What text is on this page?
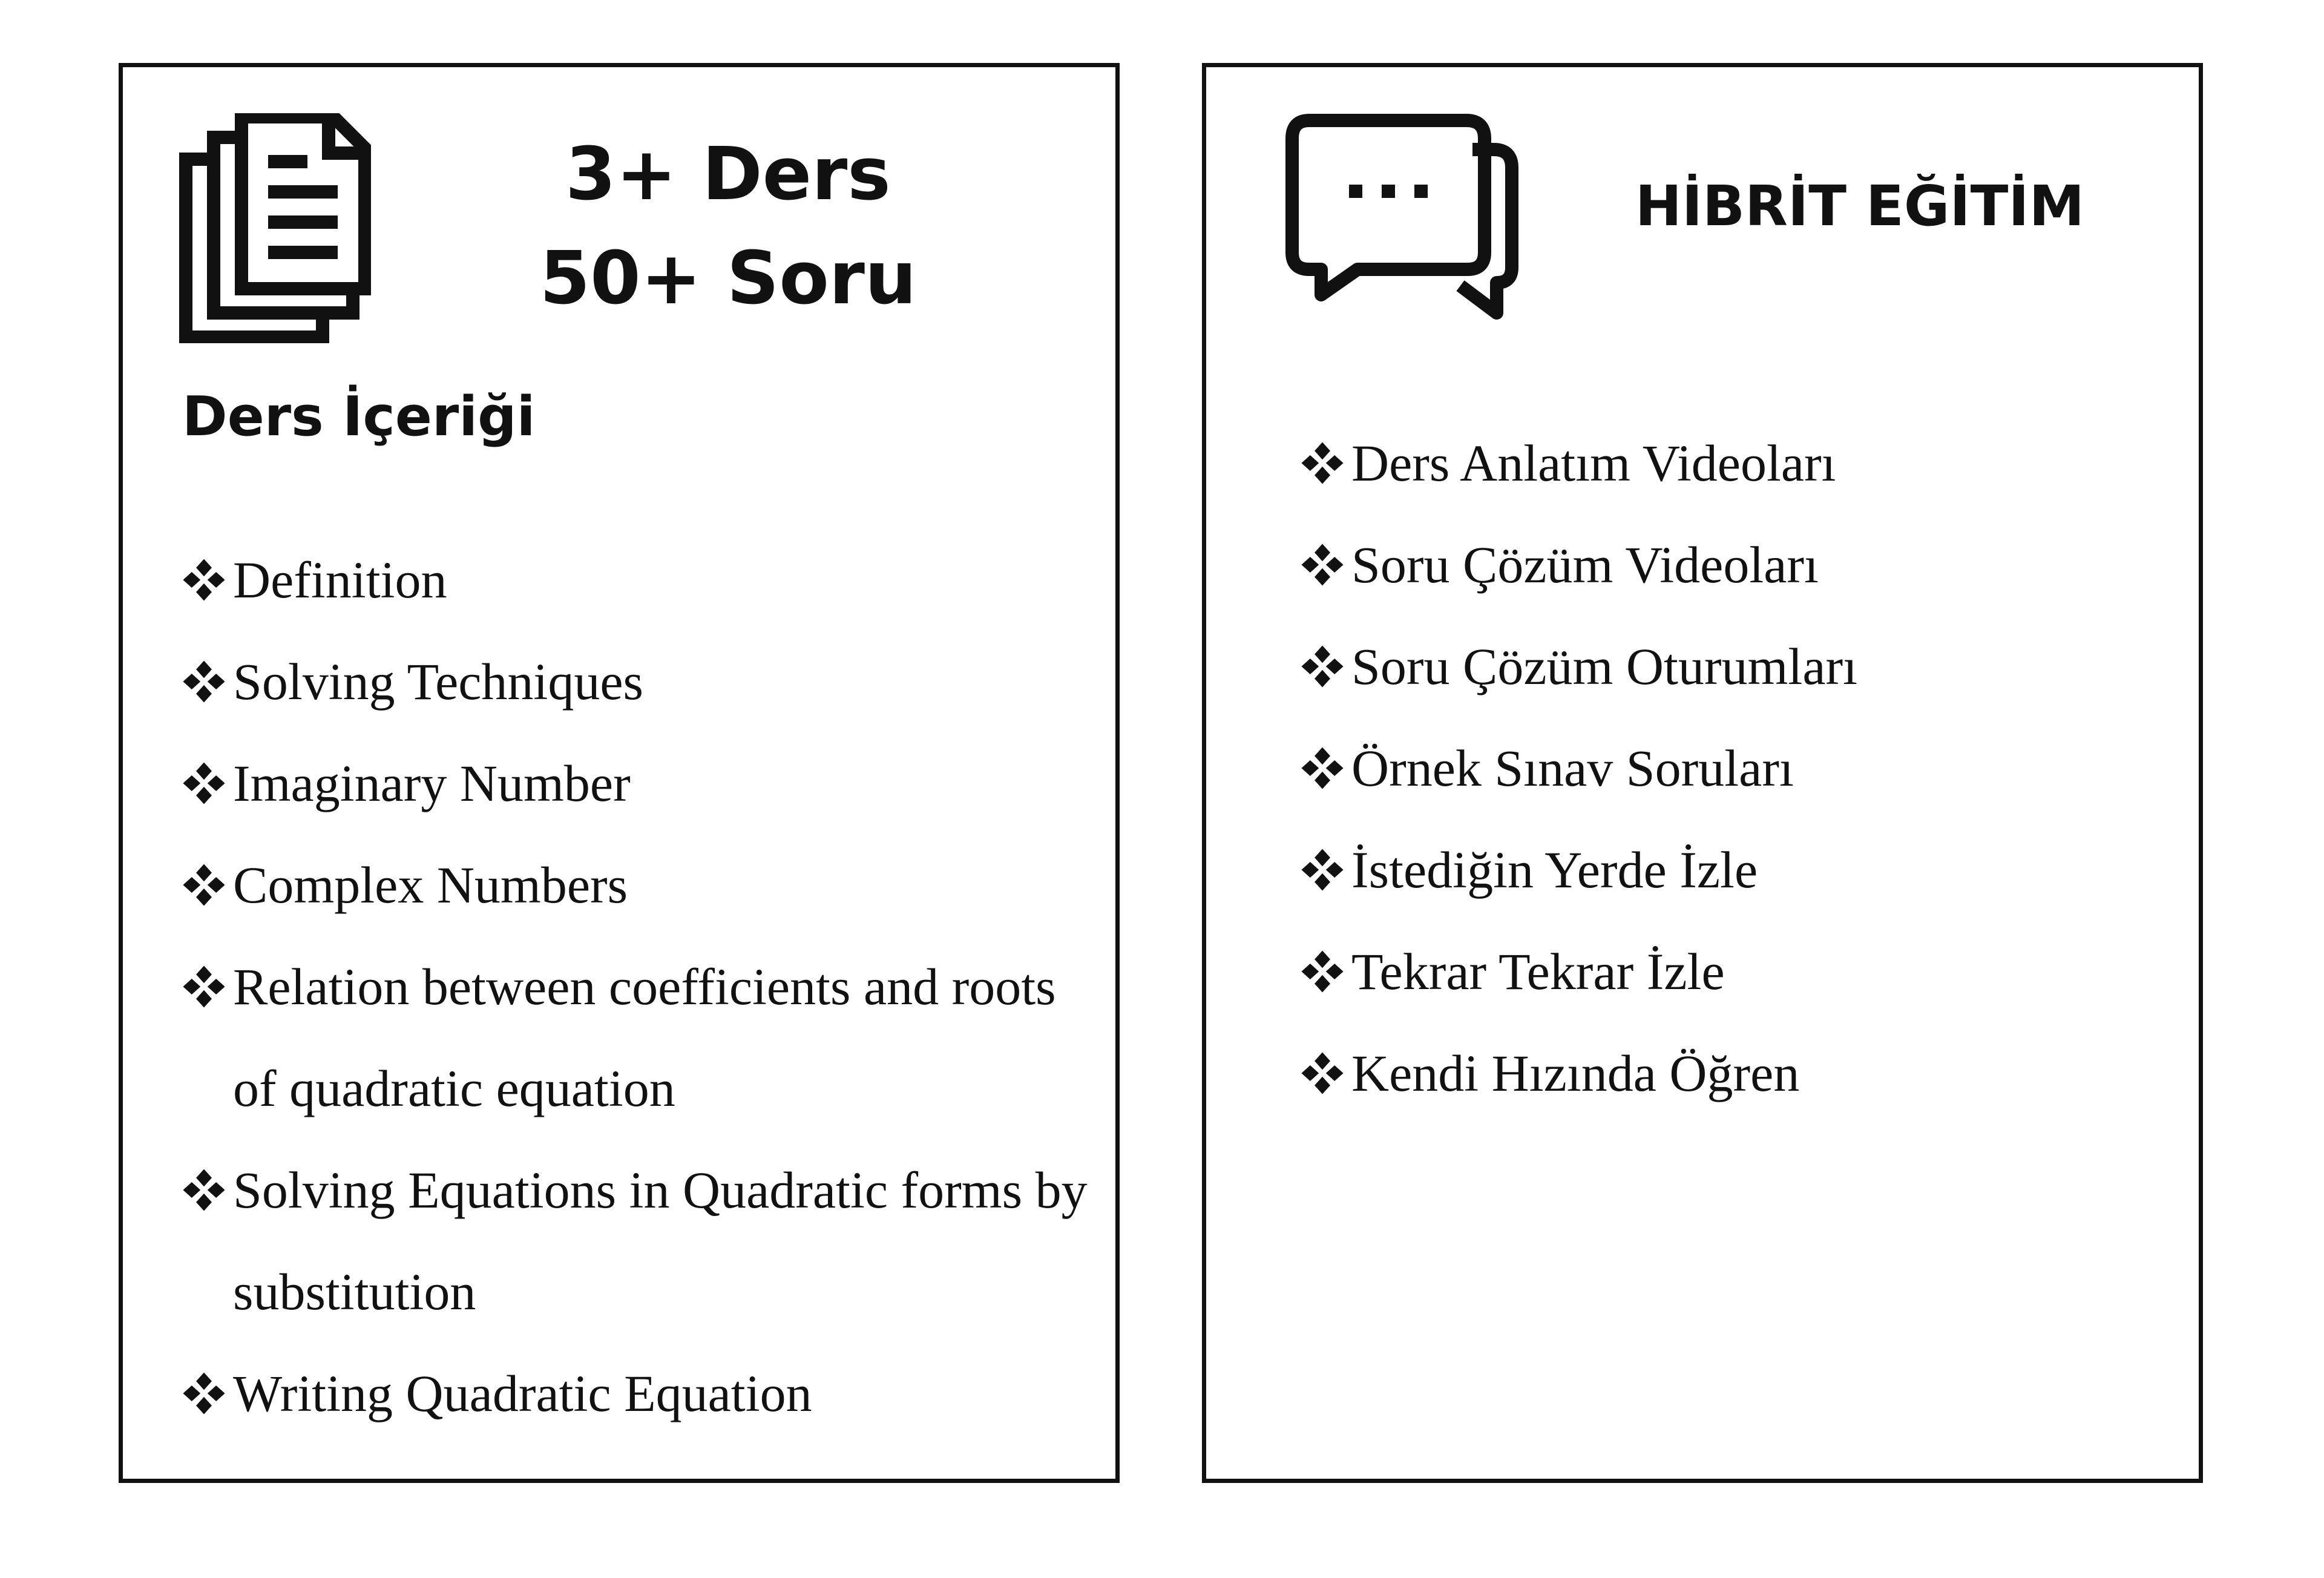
3+ Ders
50+ Soru
Ders İçeriği
Definition
Solving Techniques
Imaginary Number
Complex Numbers
Relation between coefficients and roots of quadratic equation
Solving Equations in Quadratic forms by substitution
Writing Quadratic Equation
HİBRİT EĞİTİM
Ders Anlatım Videoları
Soru Çözüm Videoları
Soru Çözüm Oturumları
Örnek Sınav Soruları
İstediğin Yerde İzle
Tekrar Tekrar İzle
Kendi Hızında Öğren
